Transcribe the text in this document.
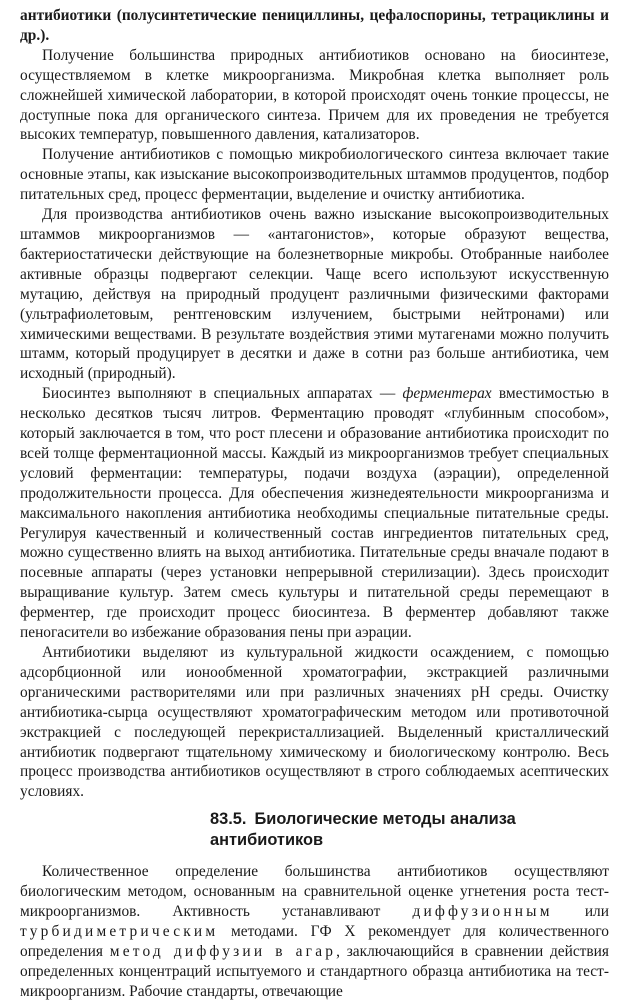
антибиотики (полусинтетические пенициллины, цефалоспорины, тетрациклины и др.).

Получение большинства природных антибиотиков основано на биосинтезе, осуществляемом в клетке микроорганизма. Микробная клетка выполняет роль сложнейшей химической лаборатории, в которой происходят очень тонкие процессы, не доступные пока для органического синтеза. Причем для их проведения не требуется высоких температур, повышенного давления, катализаторов.

Получение антибиотиков с помощью микробиологического синтеза включает такие основные этапы, как изыскание высокопроизводительных штаммов продуцентов, подбор питательных сред, процесс ферментации, выделение и очистку антибиотика.

Для производства антибиотиков очень важно изыскание высокопроизводительных штаммов микроорганизмов — «антагонистов», которые образуют вещества, бактериостатически действующие на болезнетворные микробы. Отобранные наиболее активные образцы подвергают селекции. Чаще всего используют искусственную мутацию, действуя на природный продуцент различными физическими факторами (ультрафиолетовым, рентгеновским излучением, быстрыми нейтронами) или химическими веществами. В результате воздействия этими мутагенами можно получить штамм, который продуцирует в десятки и даже в сотни раз больше антибиотика, чем исходный (природный).

Биосинтез выполняют в специальных аппаратах — ферментерах вместимостью в несколько десятков тысяч литров. Ферментацию проводят «глубинным способом», который заключается в том, что рост плесени и образование антибиотика происходит по всей толще ферментационной массы. Каждый из микроорганизмов требует специальных условий ферментации: температуры, подачи воздуха (аэрации), определенной продолжительности процесса. Для обеспечения жизнедеятельности микроорганизма и максимального накопления антибиотика необходимы специальные питательные среды. Регулируя качественный и количественный состав ингредиентов питательных сред, можно существенно влиять на выход антибиотика. Питательные среды вначале подают в посевные аппараты (через установки непрерывной стерилизации). Здесь происходит выращивание культур. Затем смесь культуры и питательной среды перемещают в ферментер, где происходит процесс биосинтеза. В ферментер добавляют также пеногасители во избежание образования пены при аэрации.

Антибиотики выделяют из культуральной жидкости осаждением, с помощью адсорбционной или ионообменной хроматографии, экстракцией различными органическими растворителями или при различных значениях pH среды. Очистку антибиотика-сырца осуществляют хроматографическим методом или противоточной экстракцией с последующей перекристаллизацией. Выделенный кристаллический антибиотик подвергают тщательному химическому и биологическому контролю. Весь процесс производства антибиотиков осуществляют в строго соблюдаемых асептических условиях.

83.5. Биологические методы анализа
антибиотиков

Количественное определение большинства антибиотиков осуществляют биологическим методом, основанным на сравнительной оценке угнетения роста тест-микроорганизмов. Активность устанавливают диффузионным или турбидиметрическим методами. ГФ X рекомендует для количественного определения метод диффузии в агар, заключающийся в сравнении действия определенных концентраций испытуемого и стандартного образца антибиотика на тест-микроорганизм. Рабочие стандарты, отвечающие
